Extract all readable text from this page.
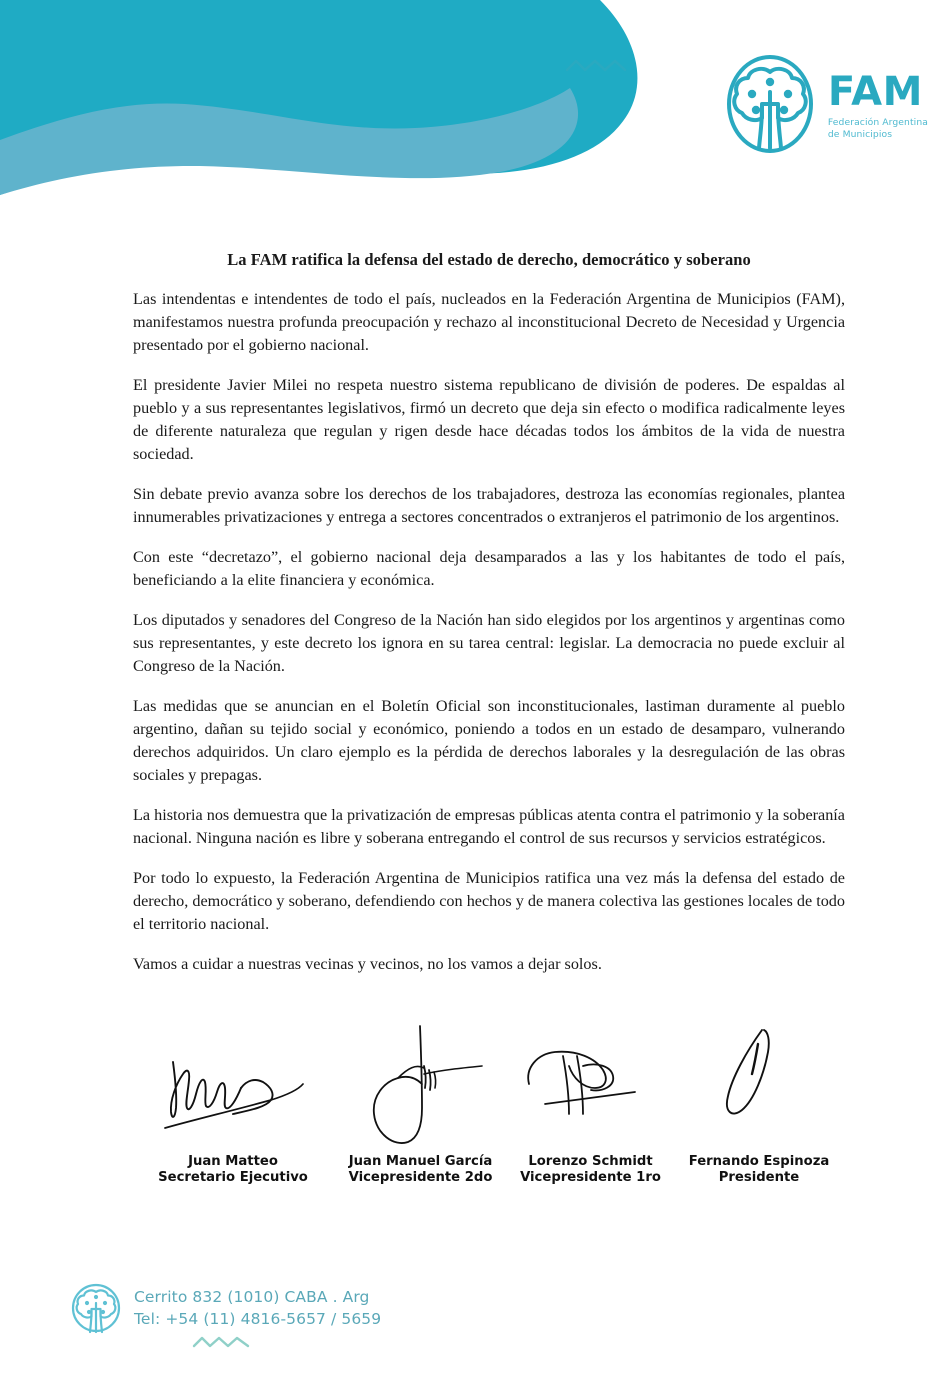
FAM
Federación Argentina
de Municipios
La FAM ratifica la defensa del estado de derecho, democrático y soberano

Las intendentas e intendentes de todo el país, nucleados en la Federación Argentina de Municipios (FAM), manifestamos nuestra profunda preocupación y rechazo al inconstitucional Decreto de Necesidad y Urgencia presentado por el gobierno nacional.

El presidente Javier Milei no respeta nuestro sistema republicano de división de poderes. De espaldas al pueblo y a sus representantes legislativos, firmó un decreto que deja sin efecto o modifica radicalmente leyes de diferente naturaleza que regulan y rigen desde hace décadas todos los ámbitos de la vida de nuestra sociedad.

Sin debate previo avanza sobre los derechos de los trabajadores, destroza las economías regionales, plantea innumerables privatizaciones y entrega a sectores concentrados o extranjeros el patrimonio de los argentinos.

Con este “decretazo”, el gobierno nacional deja desamparados a las y los habitantes de todo el país, beneficiando a la elite financiera y económica.

Los diputados y senadores del Congreso de la Nación han sido elegidos por los argentinos y argentinas como sus representantes, y este decreto los ignora en su tarea central: legislar. La democracia no puede excluir al Congreso de la Nación.

Las medidas que se anuncian en el Boletín Oficial son inconstitucionales, lastiman duramente al pueblo argentino, dañan su tejido social y económico, poniendo a todos en un estado de desamparo, vulnerando derechos adquiridos. Un claro ejemplo es la pérdida de derechos laborales y la desregulación de las obras sociales y prepagas.

La historia nos demuestra que la privatización de empresas públicas atenta contra el patrimonio y la soberanía nacional. Ninguna nación es libre y soberana entregando el control de sus recursos y servicios estratégicos.

Por todo lo expuesto, la Federación Argentina de Municipios ratifica una vez más la defensa del estado de derecho, democrático y soberano, defendiendo con hechos y de manera colectiva las gestiones locales de todo el territorio nacional.

Vamos a cuidar a nuestras vecinas y vecinos, no los vamos a dejar solos.

Juan Matteo
Secretario Ejecutivo
Juan Manuel García
Vicepresidente 2do
Lorenzo Schmidt
Vicepresidente 1ro
Fernando Espinoza
Presidente
Cerrito 832 (1010) CABA . Arg
Tel: +54 (11) 4816-5657 / 5659
